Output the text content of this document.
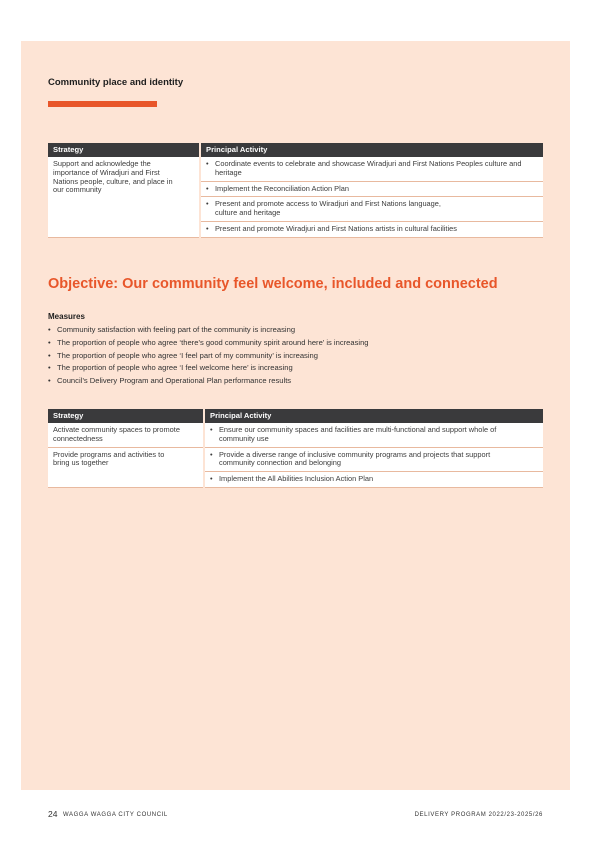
Community place and identity
Strategy	Principal Activity

Support and acknowledge the importance of Wiradjuri and First Nations people, culture, and place in our community	• Coordinate events to celebrate and showcase Wiradjuri and First Nations Peoples culture and heritage

	• Implement the Reconciliation Action Plan

	• Present and promote access to Wiradjuri and First Nations language, culture and heritage

	• Present and promote Wiradjuri and First Nations artists in cultural facilities
Objective: Our community feel welcome, included and connected
Measures
• Community satisfaction with feeling part of the community is increasing
• The proportion of people who agree ‘there’s good community spirit around here’ is increasing
• The proportion of people who agree ‘I feel part of my community’ is increasing
• The proportion of people who agree ‘I feel welcome here’ is increasing
• Council’s Delivery Program and Operational Plan performance results
Strategy	Principal Activity

Activate community spaces to promote connectedness	• Ensure our community spaces and facilities are multi-functional and support whole of community use

Provide programs and activities to bring us together	• Provide a diverse range of inclusive community programs and projects that support community connection and belonging

	• Implement the All Abilities Inclusion Action Plan
24 WAGGA WAGGA CITY COUNCIL	DELIVERY PROGRAM 2022/23-2025/26
